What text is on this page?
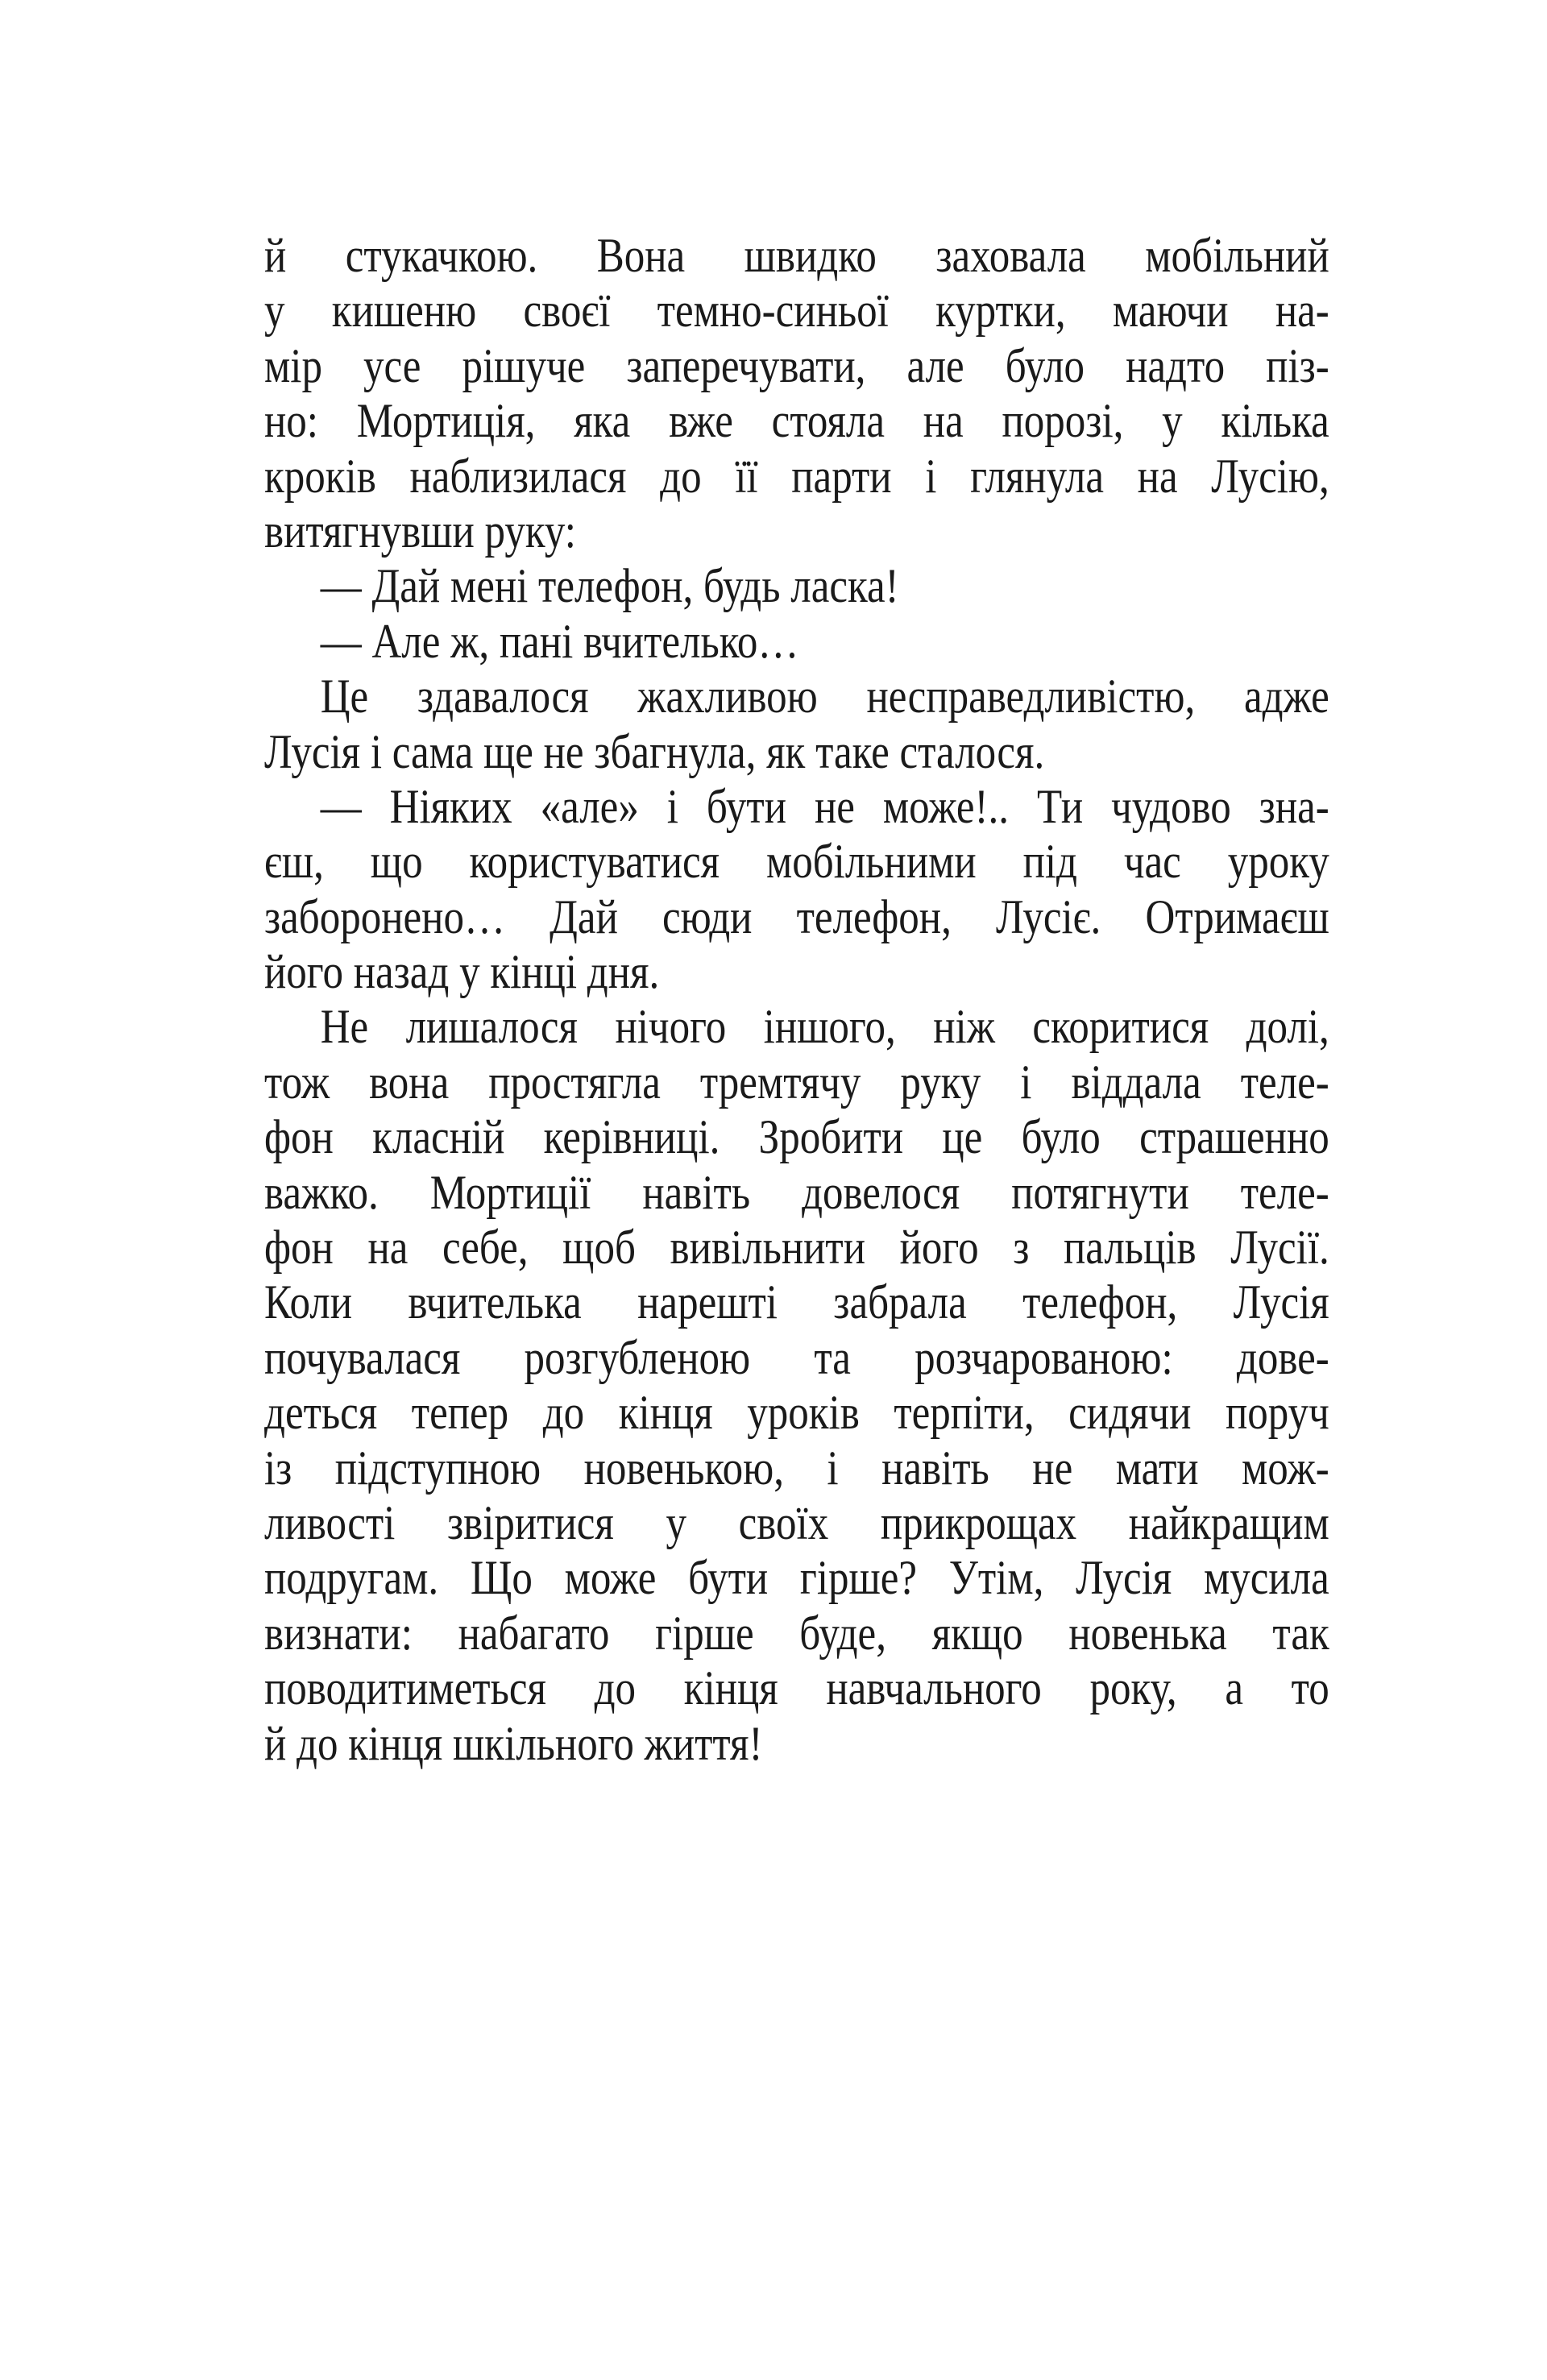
й стукачкою. Вона швидко заховала мобільний
у кишеню своєї темно-синьої куртки, маючи на-
мір усе рішуче заперечувати, але було надто піз-
но: Мортиція, яка вже стояла на порозі, у кілька
кроків наблизилася до її парти і глянула на Лусію,
витягнувши руку:
— Дай мені телефон, будь ласка!
— Але ж, пані вчителько…
Це здавалося жахливою несправедливістю, адже
Лусія і сама ще не збагнула, як таке сталося.
— Ніяких «але» і бути не може!.. Ти чудово зна-
єш, що користуватися мобільними під час уроку
заборонено… Дай сюди телефон, Лусіє. Отримаєш
його назад у кінці дня.
Не лишалося нічого іншого, ніж скоритися долі,
тож вона простягла тремтячу руку і віддала теле-
фон класній керівниці. Зробити це було страшенно
важко. Мортиції навіть довелося потягнути теле-
фон на себе, щоб вивільнити його з пальців Лусії.
Коли вчителька нарешті забрала телефон, Лусія
почувалася розгубленою та розчарованою: дове-
деться тепер до кінця уроків терпіти, сидячи поруч
із підступною новенькою, і навіть не мати мож-
ливості звіритися у своїх прикрощах найкращим
подругам. Що може бути гірше? Утім, Лусія мусила
визнати: набагато гірше буде, якщо новенька так
поводитиметься до кінця навчального року, а то
й до кінця шкільного життя!
